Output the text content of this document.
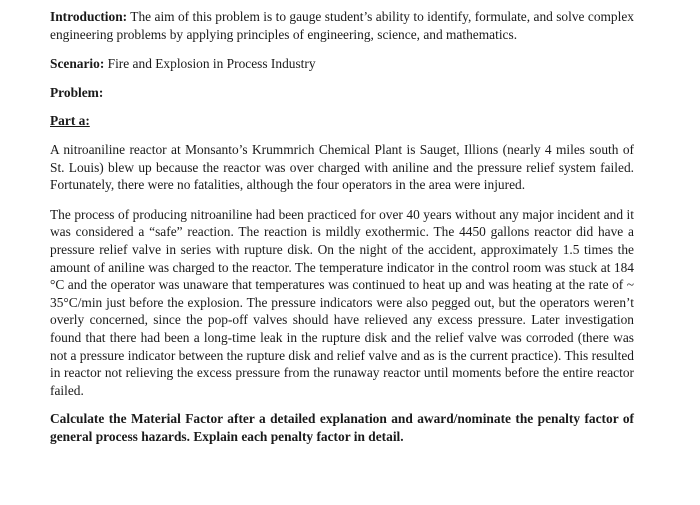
Introduction: The aim of this problem is to gauge student’s ability to identify, formulate, and solve complex engineering problems by applying principles of engineering, science, and mathematics.

Scenario: Fire and Explosion in Process Industry

Problem:

Part a:

A nitroaniline reactor at Monsanto’s Krummrich Chemical Plant is Sauget, Illions (nearly 4 miles south of St. Louis) blew up because the reactor was over charged with aniline and the pressure relief system failed. Fortunately, there were no fatalities, although the four operators in the area were injured.

The process of producing nitroaniline had been practiced for over 40 years without any major incident and it was considered a “safe” reaction. The reaction is mildly exothermic. The 4450 gallons reactor did have a pressure relief valve in series with rupture disk. On the night of the accident, approximately 1.5 times the amount of aniline was charged to the reactor. The temperature indicator in the control room was stuck at 184 °C and the operator was unaware that temperatures was continued to heat up and was heating at the rate of ~ 35°C/min just before the explosion. The pressure indicators were also pegged out, but the operators weren’t overly concerned, since the pop-off valves should have relieved any excess pressure. Later investigation found that there had been a long-time leak in the rupture disk and the relief valve was corroded (there was not a pressure indicator between the rupture disk and relief valve and as is the current practice). This resulted in reactor not relieving the excess pressure from the runaway reactor until moments before the entire reactor failed.

Calculate the Material Factor after a detailed explanation and award/nominate the penalty factor of general process hazards. Explain each penalty factor in detail.
